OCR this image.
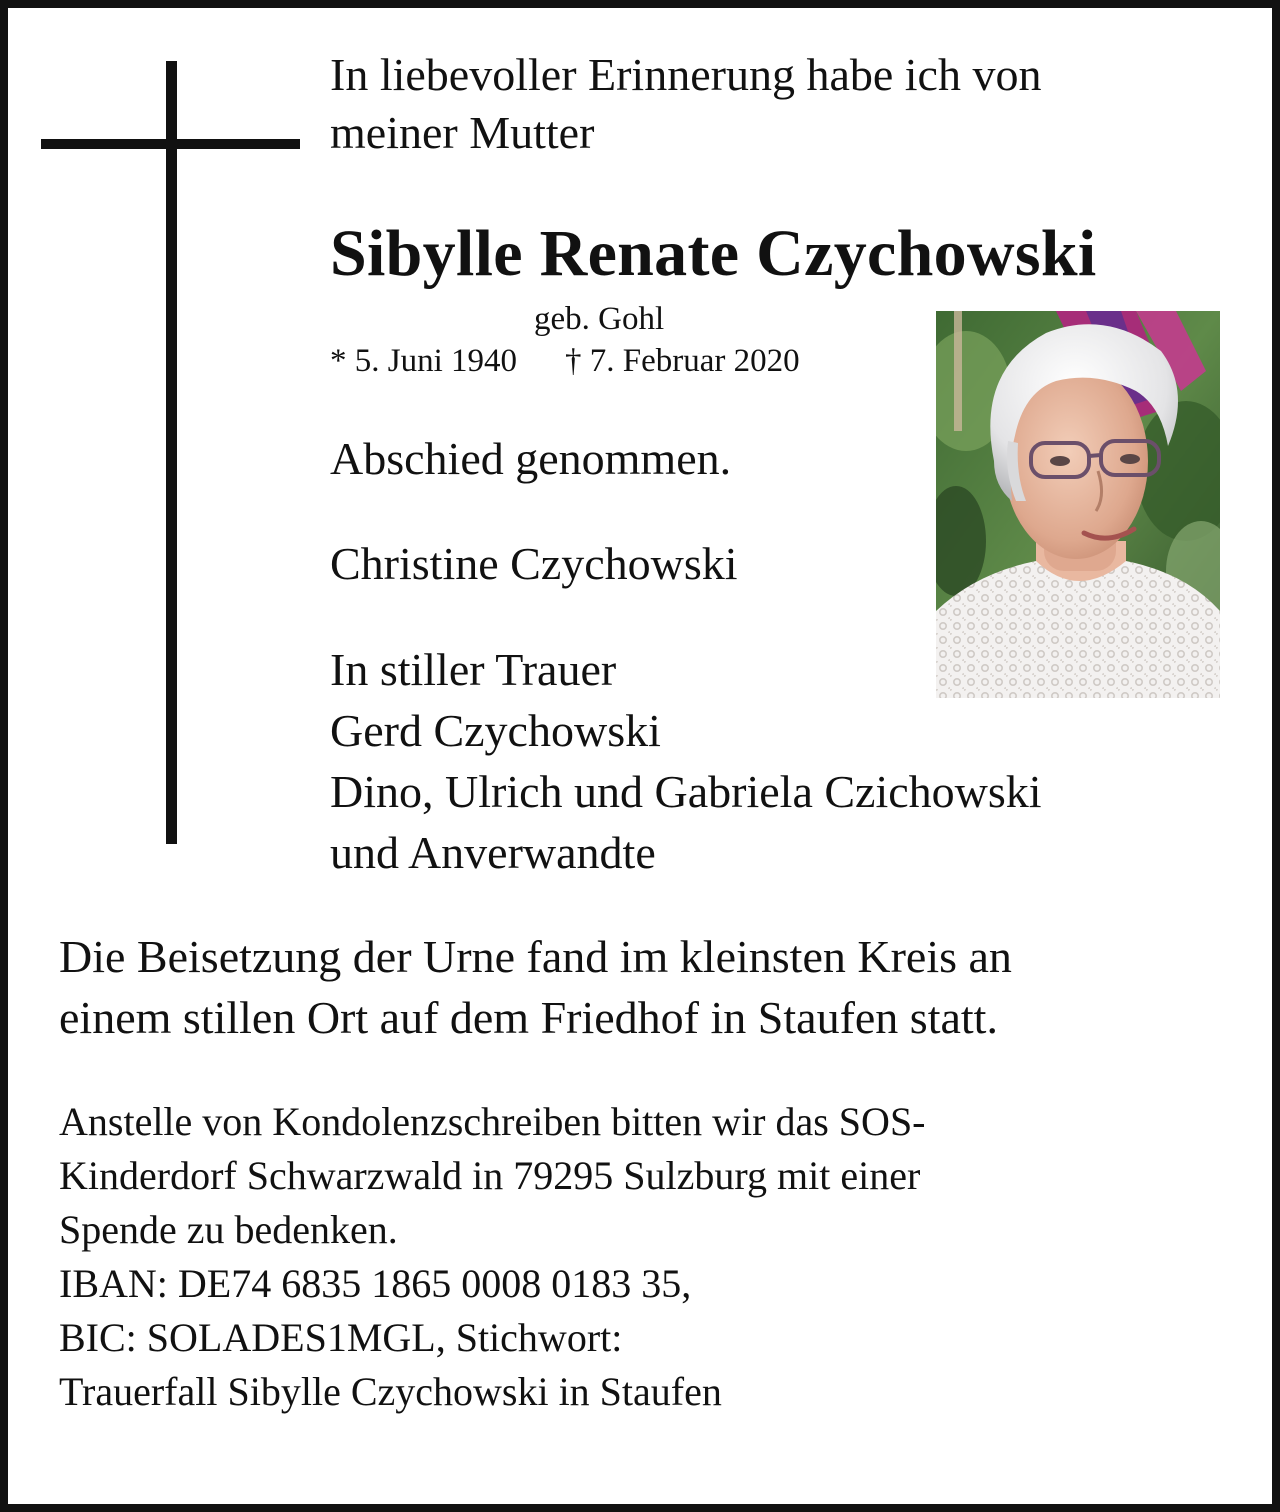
In liebevoller Erinnerung habe ich von
meiner Mutter

Sibylle Renate Czychowski

geb. Gohl

* 5. Juni 1940 † 7. Februar 2020

Abschied genommen.

Christine Czychowski

In stiller Trauer
Gerd Czychowski
Dino, Ulrich und Gabriela Czichowski
und Anverwandte

Die Beisetzung der Urne fand im kleinsten Kreis an
einem stillen Ort auf dem Friedhof in Staufen statt.

Anstelle von Kondolenzschreiben bitten wir das SOS-
Kinderdorf Schwarzwald in 79295 Sulzburg mit einer
Spende zu bedenken.
IBAN: DE74 6835 1865 0008 0183 35,
BIC: SOLADES1MGL, Stichwort:
Trauerfall Sibylle Czychowski in Staufen
